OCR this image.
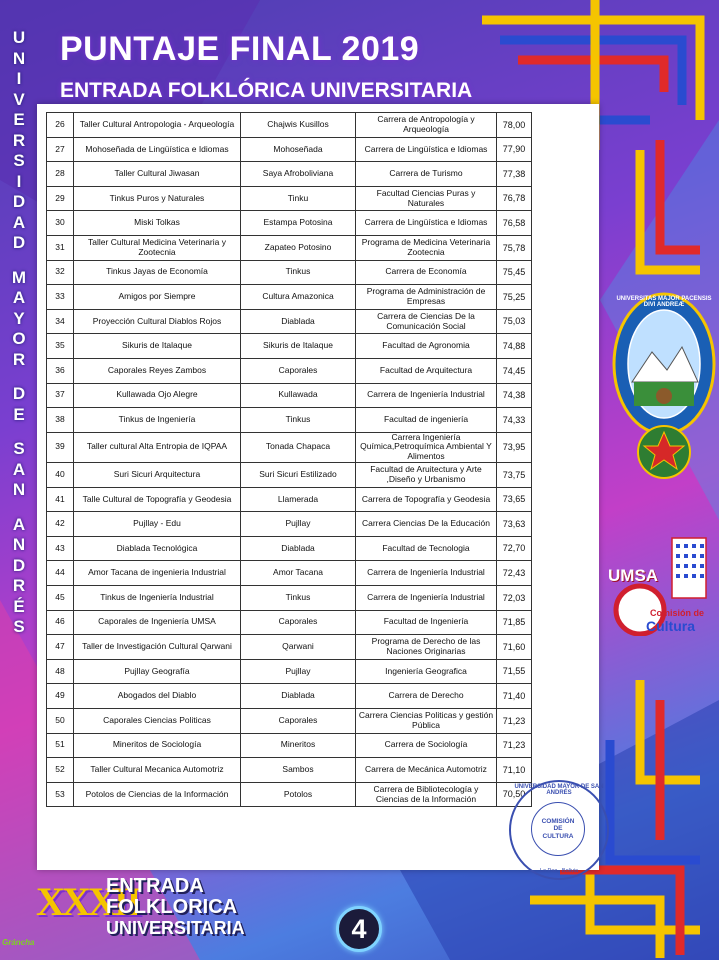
U
N
I
V
E
R
S
I
D
A
D
M
A
Y
O
R
D
E
S
A
N
A
N
D
R
É
S
PUNTAJE FINAL 2019
ENTRADA FOLKLÓRICA UNIVERSITARIA
26	Taller Cultural Antropologia - Arqueología	Chajwis Kusillos	Carrera de Antropología y Arqueología	78,00
27	Mohoseñada de Lingüística e Idiomas	Mohoseñada	Carrera de Lingüística e Idiomas	77,90
28	Taller Cultural Jiwasan	Saya Afroboliviana	Carrera de Turismo	77,38
29	Tinkus Puros y Naturales	Tinku	Facultad Ciencias Puras y Naturales	76,78
30	Miski Tolkas	Estampa Potosina	Carrera de Lingüística e Idiomas	76,58
31	Taller Cultural Medicina Veterinaria y Zootecnia	Zapateo Potosino	Programa de Medicina Veterinaria Zootecnia	75,78
32	Tinkus Jayas de Economía	Tinkus	Carrera de Economía	75,45
33	Amigos por Siempre	Cultura Amazonica	Programa de Administración de Empresas	75,25
34	Proyección Cultural Diablos Rojos	Diablada	Carrera de Ciencias De la Comunicación Social	75,03
35	Sikuris de Italaque	Sikuris de Italaque	Facultad de Agronomia	74,88
36	Caporales Reyes Zambos	Caporales	Facultad de Arquitectura	74,45
37	Kullawada Ojo Alegre	Kullawada	Carrera de Ingeniería Industrial	74,38
38	Tinkus de Ingeniería	Tinkus	Facultad de ingeniería	74,33
39	Taller cultural Alta Entropia de IQPAA	Tonada Chapaca	Carrera Ingeniería Química,Petroquímica Ambiental Y Alimentos	73,95
40	Suri Sicuri Arquitectura	Suri Sicuri Estilizado	Facultad de Aruitectura y Arte ,Diseño y Urbanismo	73,75
41	Talle Cultural de Topografía y Geodesia	Llamerada	Carrera de Topografía y Geodesia	73,65
42	Pujllay - Edu	Pujllay	Carrera Ciencias De la Educación	73,63
43	Diablada Tecnológica	Diablada	Facultad de Tecnologia	72,70
44	Amor Tacana de ingenieria Industrial	Amor Tacana	Carrera de Ingeniería Industrial	72,43
45	Tinkus de Ingeniería Industrial	Tinkus	Carrera de Ingeniería Industrial	72,03
46	Caporales de Ingeniería UMSA	Caporales	Facultad de Ingeniería	71,85
47	Taller de Investigación Cultural Qarwani	Qarwani	Programa de Derecho de las Naciones Originarias	71,60
48	Pujllay Geografía	Pujllay	Ingeniería Geografica	71,55
49	Abogados del Diablo	Diablada	Carrera de Derecho	71,40
50	Caporales Ciencias Politicas	Caporales	Carrera Ciencias Politicas y gestión Pública	71,23
51	Mineritos de Sociología	Mineritos	Carrera de Sociología	71,23
52	Taller Cultural Mecanica Automotriz	Sambos	Carrera de Mecánica Automotriz	71,10
53	Potolos de Ciencias de la Información	Potolos	Carrera de Bibliotecología y Ciencias de la Información	70,50
UNIVERSIDAD MAYOR DE SAN ANDRÉS
COMISIÓN
DE
CULTURA
La Paz - Bolivia
UNIVERSITAS MAJOR PACENSIS DIVI ANDREÆ
UMSA
Comisión de
Cultura
XXXII
ENTRADA
FOLKLORICA
UNIVERSITARIA
Gráncha	4
